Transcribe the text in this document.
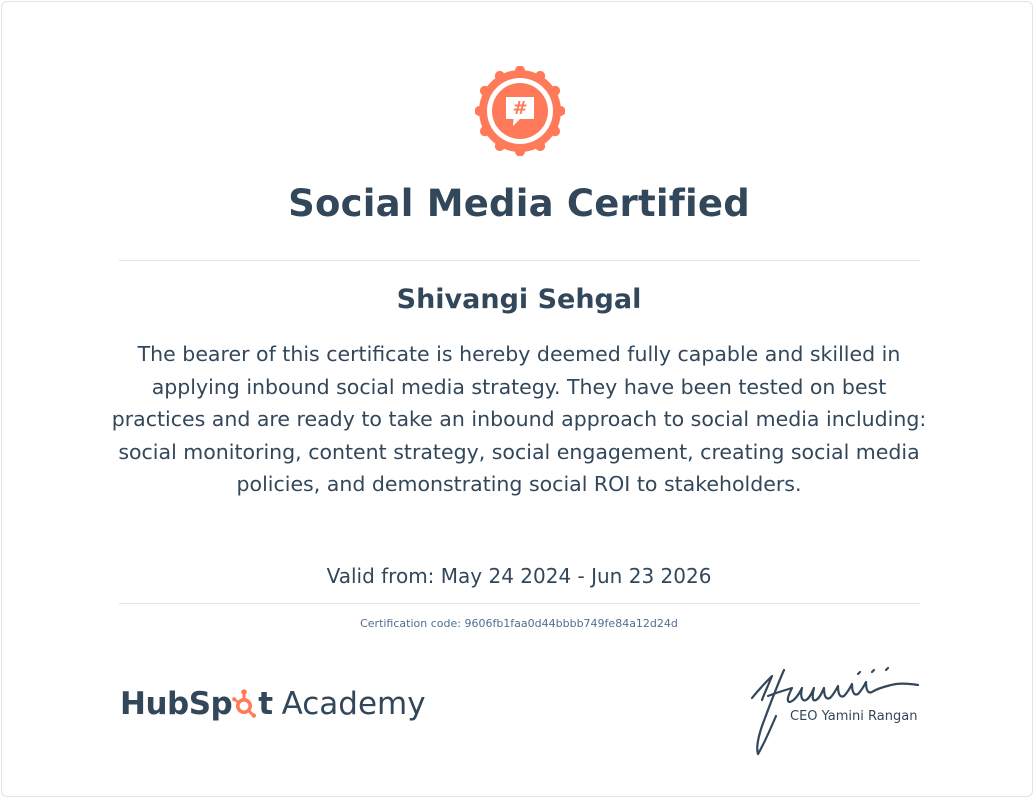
#
Social Media Certified
Shivangi Sehgal

The bearer of this certificate is hereby deemed fully capable and skilled in applying inbound social media strategy. They have been tested on best practices and are ready to take an inbound approach to social media including: social monitoring, content strategy, social engagement, creating social media policies, and demonstrating social ROI to stakeholders.

Valid from: May 24 2024 - Jun 23 2026
Certification code: 9606fb1faa0d44bbbb749fe84a12d24d
HubSp t Academy	CEO Yamini Rangan
